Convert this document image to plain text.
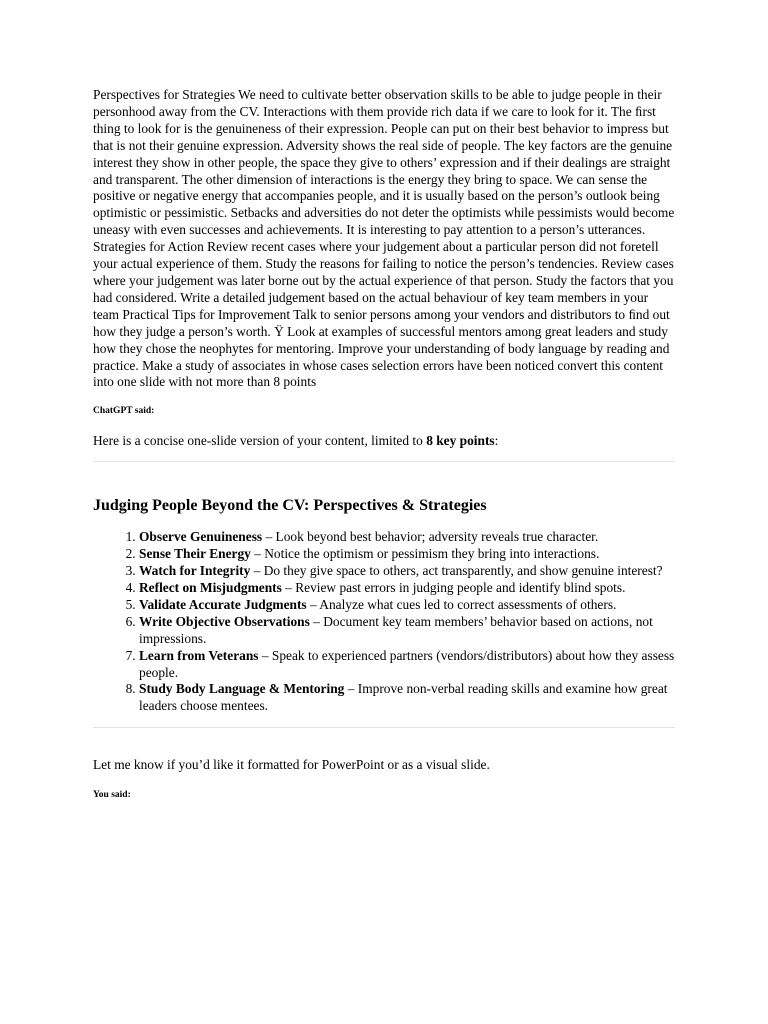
Perspectives for Strategies We need to cultivate better observation skills to be able to judge people in their personhood away from the CV. Interactions with them provide rich data if we care to look for it. The ﬁrst thing to look for is the genuineness of their expression. People can put on their best behavior to impress but that is not their genuine expression. Adversity shows the real side of people. The key factors are the genuine interest they show in other people, the space they give to others’ expression and if their dealings are straight and transparent. The other dimension of interactions is the energy they bring to space. We can sense the positive or negative energy that accompanies people, and it is usually based on the person’s outlook being optimistic or pessimistic. Setbacks and adversities do not deter the optimists while pessimists would become uneasy with even successes and achievements. It is interesting to pay attention to a person’s utterances. Strategies for Action Review recent cases where your judgement about a particular person did not foretell your actual experience of them. Study the reasons for failing to notice the person’s tendencies. Review cases where your judgement was later borne out by the actual experience of that person. Study the factors that you had considered. Write a detailed judgement based on the actual behaviour of key team members in your team Practical Tips for Improvement Talk to senior persons among your vendors and distributors to ﬁnd out how they judge a person’s worth. Ÿ Look at examples of successful mentors among great leaders and study how they chose the neophytes for mentoring. Improve your understanding of body language by reading and practice. Make a study of associates in whose cases selection errors have been noticed convert this content into one slide with not more than 8 points

ChatGPT said:

Here is a concise one-slide version of your content, limited to 8 key points:

Judging People Beyond the CV: Perspectives & Strategies
1. Observe Genuineness – Look beyond best behavior; adversity reveals true character.
2. Sense Their Energy – Notice the optimism or pessimism they bring into interactions.
3. Watch for Integrity – Do they give space to others, act transparently, and show genuine interest?
4. Reflect on Misjudgments – Review past errors in judging people and identify blind spots.
5. Validate Accurate Judgments – Analyze what cues led to correct assessments of others.
6. Write Objective Observations – Document key team members’ behavior based on actions, not impressions.
7. Learn from Veterans – Speak to experienced partners (vendors/distributors) about how they assess people.
8. Study Body Language & Mentoring – Improve non-verbal reading skills and examine how great leaders choose mentees.

Let me know if you’d like it formatted for PowerPoint or as a visual slide.

You said:
